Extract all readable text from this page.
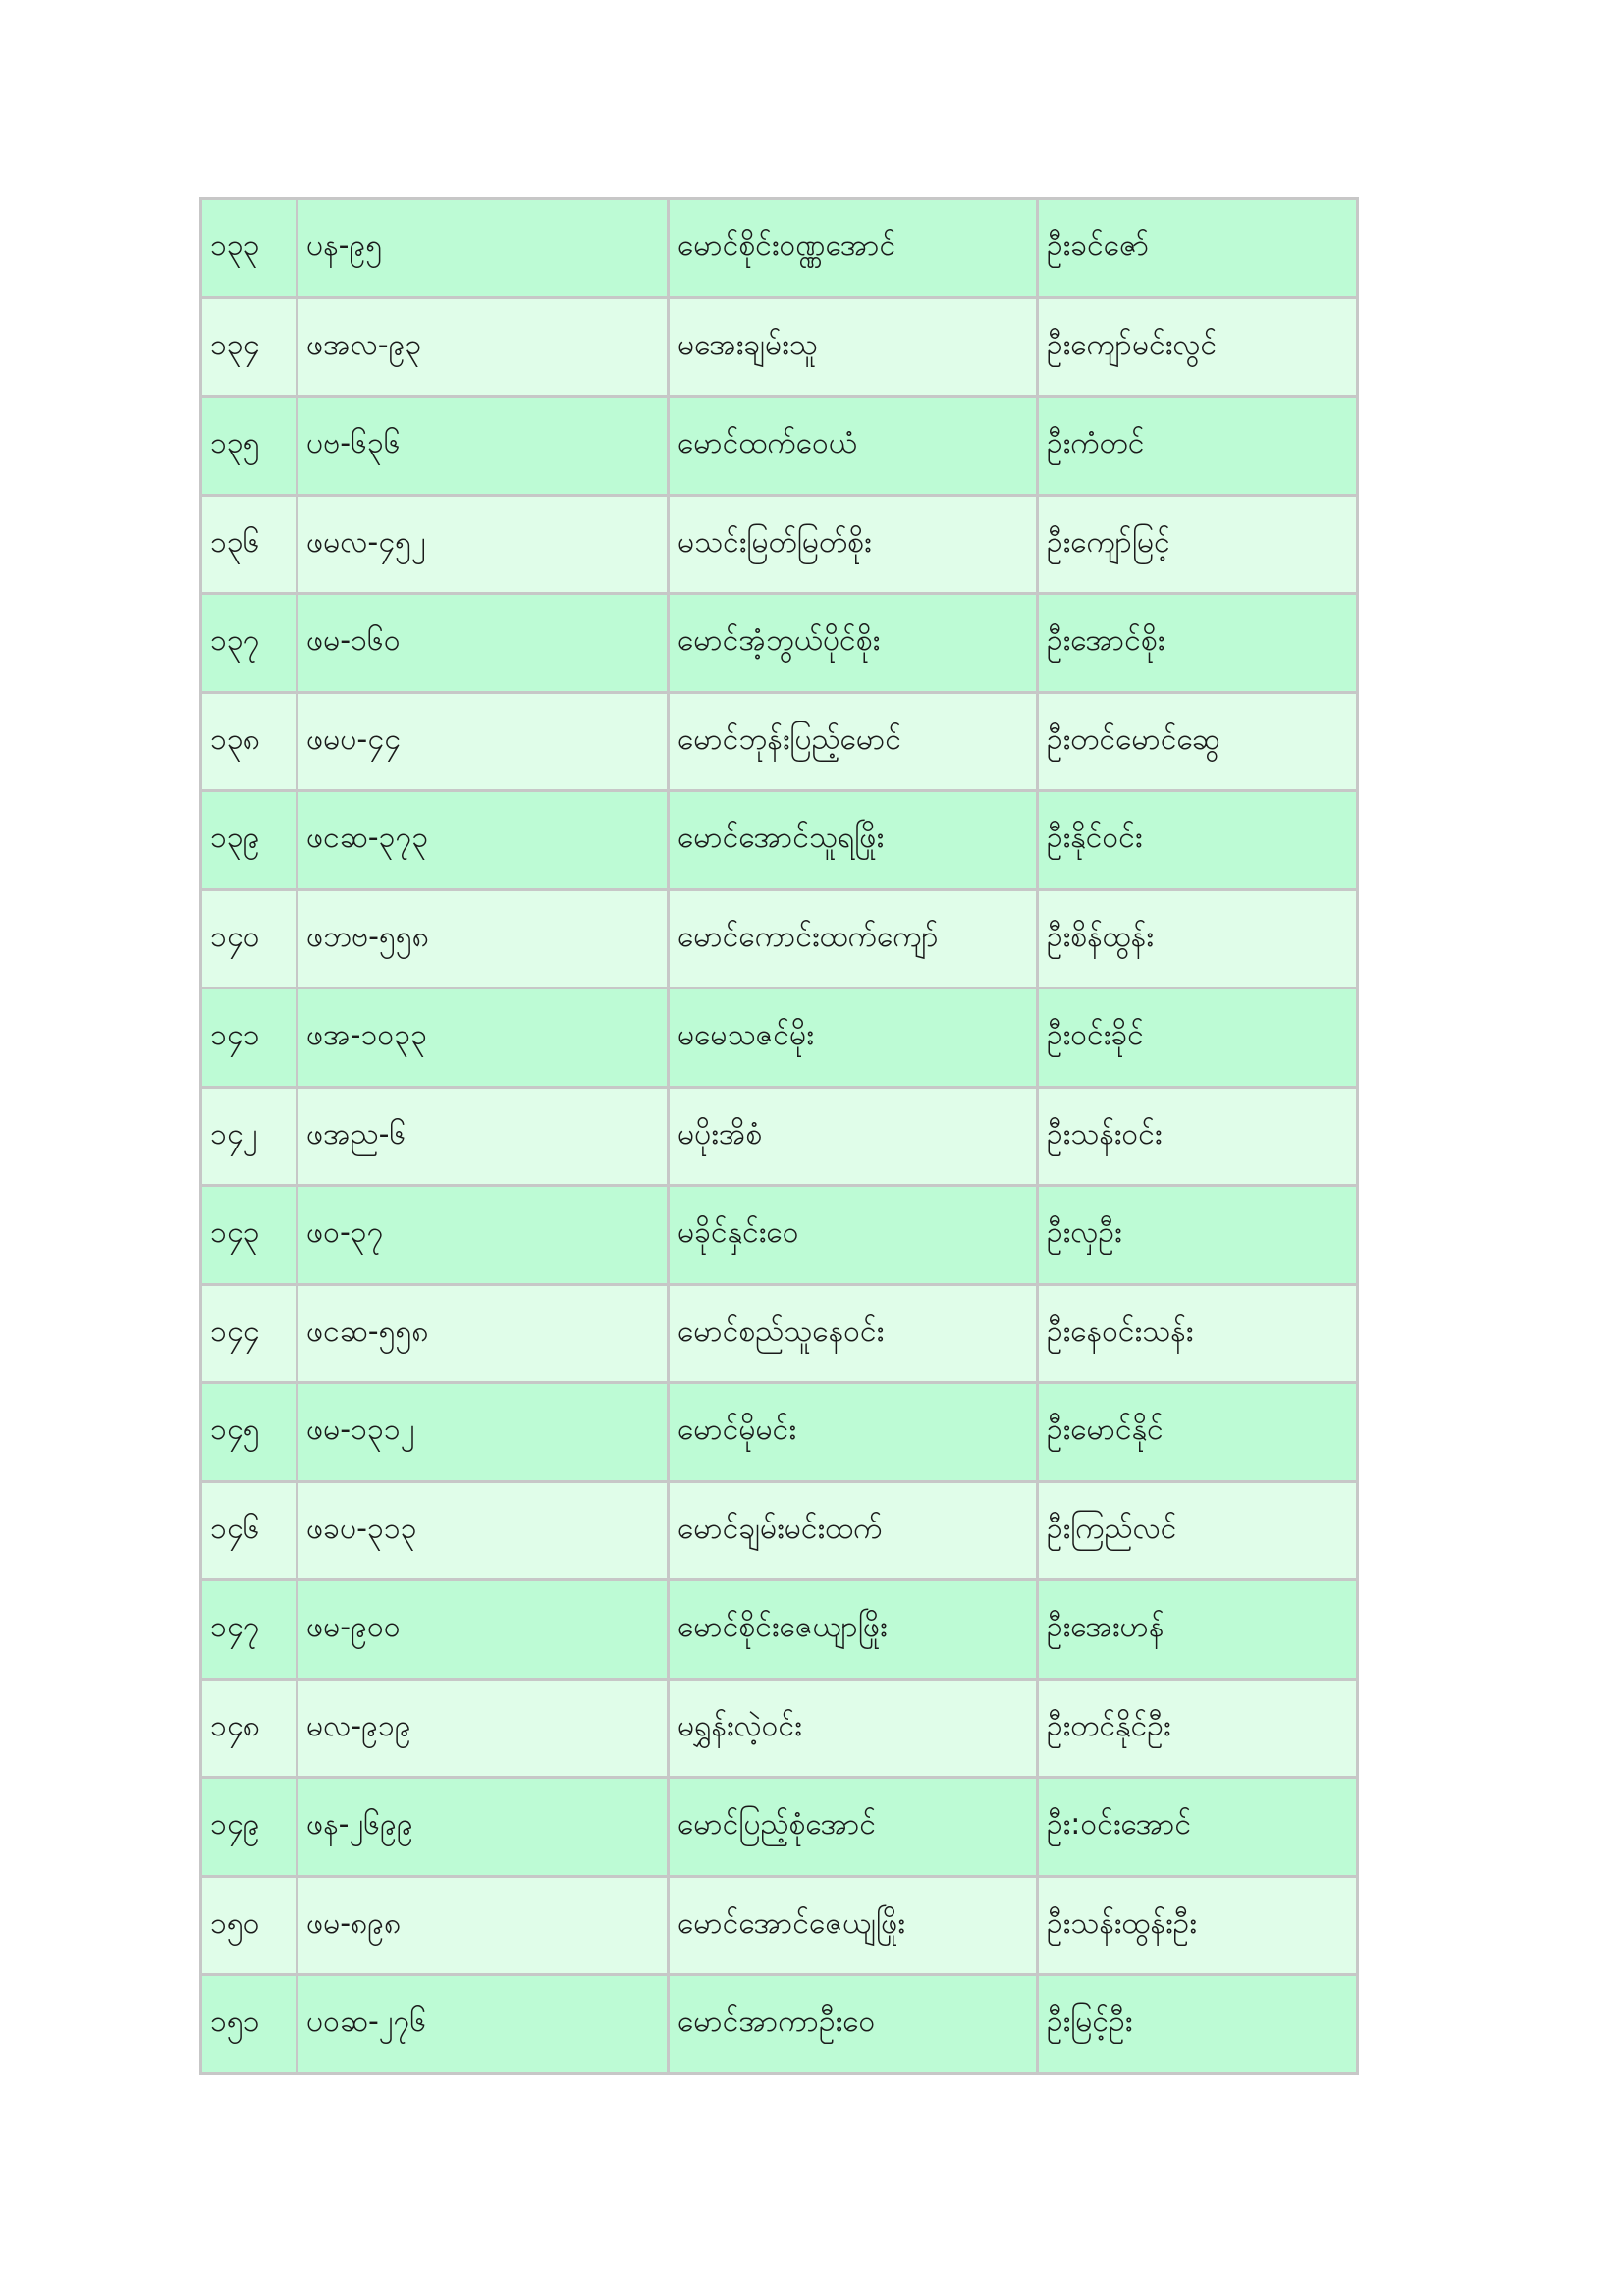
၁၃၃	ပန-၉၅	မောင်စိုင်းဝဏ္ဏအောင်	ဦးခင်ဇော်
၁၃၄	ဖအလ-၉၃	မအေးချမ်းသူ	ဦးကျော်မင်းလွင်
၁၃၅	ပဗ-၆၃၆	မောင်ထက်ဝေယံ	ဦးကံတင်
၁၃၆	ဖမလ-၄၅၂	မသင်းမြတ်မြတ်စိုး	ဦးကျော်မြင့်
၁၃၇	ဖမ-၁၆၀	မောင်အံ့ဘွယ်ပိုင်စိုး	ဦးအောင်စိုး
၁၃၈	ဖမပ-၄၄	မောင်ဘုန်းပြည့်မောင်	ဦးတင်မောင်ဆွေ
၁၃၉	ဖငဆ-၃၇၃	မောင်အောင်သူရဖြိုး	ဦးနိုင်ဝင်း
၁၄၀	ဖဘဗ-၅၅၈	မောင်ကောင်းထက်ကျော်	ဦးစိန်ထွန်း
၁၄၁	ဖအ-၁၀၃၃	မမေသဇင်မိုး	ဦးဝင်းခိုင်
၁၄၂	ဖအည-၆	မပိုးအိစံ	ဦးသန်းဝင်း
၁၄၃	ဖဝ-၃၇	မခိုင်နှင်းဝေ	ဦးလှဦး
၁၄၄	ဖငဆ-၅၅၈	မောင်စည်သူနေဝင်း	ဦးနေဝင်းသန်း
၁၄၅	ဖမ-၁၃၁၂	မောင်မိုမင်း	ဦးမောင်နိုင်
၁၄၆	ဖခပ-၃၁၃	မောင်ချမ်းမင်းထက်	ဦးကြည်လင်
၁၄၇	ဖမ-၉၀၀	မောင်စိုင်းဇေယျာဖြိုး	ဦးအေးဟန်
၁၄၈	မလ-၉၁၉	မရွှန်းလဲ့ဝင်း	ဦးတင်နိုင်ဦး
၁၄၉	ဖန-၂၆၉၉	မောင်ပြည့်စုံအောင်	ဦး:ဝင်းအောင်
၁၅၀	ဖမ-၈၉၈	မောင်အောင်ဇေယျဖြိုး	ဦးသန်းထွန်းဦး
၁၅၁	ပဝဆ-၂၇၆	မောင်အာကာဦးဝေ	ဦးမြင့်ဦး
